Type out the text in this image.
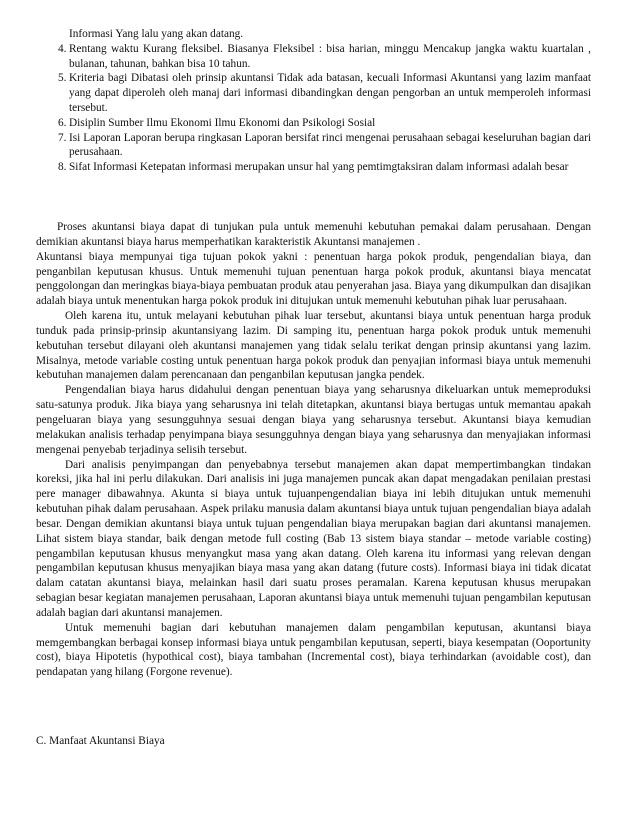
Informasi Yang lalu yang akan datang.
4. Rentang waktu Kurang fleksibel. Biasanya Fleksibel : bisa harian, minggu Mencakup jangka waktu kuartalan , bulanan, tahunan, bahkan bisa 10 tahun.
5. Kriteria bagi Dibatasi oleh prinsip akuntansi Tidak ada batasan, kecuali Informasi Akuntansi yang lazim manfaat yang dapat diperoleh oleh manaj dari informasi dibandingkan dengan pengorban an untuk memperoleh informasi tersebut.
6. Disiplin Sumber Ilmu Ekonomi Ilmu Ekonomi dan Psikologi Sosial
7. Isi Laporan Laporan berupa ringkasan Laporan bersifat rinci mengenai perusahaan sebagai keseluruhan bagian dari perusahaan.
8. Sifat Informasi Ketepatan informasi merupakan unsur hal yang pemtimgtaksiran dalam informasi adalah besar

Proses akuntansi biaya dapat di tunjukan pula untuk memenuhi kebutuhan pemakai dalam perusahaan. Dengan demikian akuntansi biaya harus memperhatikan karakteristik Akuntansi manajemen .

Akuntansi biaya mempunyai tiga tujuan pokok yakni : penentuan harga pokok produk, pengendalian biaya, dan penganbilan keputusan khusus. Untuk memenuhi tujuan penentuan harga pokok produk, akuntansi biaya mencatat penggolongan dan meringkas biaya-biaya pembuatan produk atau penyerahan jasa. Biaya yang dikumpulkan dan disajikan adalah biaya untuk menentukan harga pokok produk ini ditujukan untuk memenuhi kebutuhan pihak luar perusahaan.

Oleh karena itu, untuk melayani kebutuhan pihak luar tersebut, akuntansi biaya untuk penentuan harga produk tunduk pada prinsip-prinsip akuntansiyang lazim. Di samping itu, penentuan harga pokok produk untuk memenuhi kebutuhan tersebut dilayani oleh akuntansi manajemen yang tidak selalu terikat dengan prinsip akuntansi yang lazim. Misalnya, metode variable costing untuk penentuan harga pokok produk dan penyajian informasi biaya untuk memenuhi kebutuhan manajemen dalam perencanaan dan penganbilan keputusan jangka pendek.

Pengendalian biaya harus didahului dengan penentuan biaya yang seharusnya dikeluarkan untuk memeproduksi satu-satunya produk. Jika biaya yang seharusnya ini telah ditetapkan, akuntansi biaya bertugas untuk memantau apakah pengeluaran biaya yang sesungguhnya sesuai dengan biaya yang seharusnya tersebut. Akuntansi biaya kemudian melakukan analisis terhadap penyimpana biaya sesungguhnya dengan biaya yang seharusnya dan menyajiakan informasi mengenai penyebab terjadinya selisih tersebut.

Dari analisis penyimpangan dan penyebabnya tersebut manajemen akan dapat mempertimbangkan tindakan koreksi, jika hal ini perlu dilakukan. Dari analisis ini juga manajemen puncak akan dapat mengadakan penilaian prestasi pere manager dibawahnya. Akunta si biaya untuk tujuanpengendalian biaya ini lebih ditujukan untuk memenuhi kebutuhan pihak dalam perusahaan. Aspek prilaku manusia dalam akuntansi biaya untuk tujuan pengendalian biaya adalah besar. Dengan demikian akuntansi biaya untuk tujuan pengendalian biaya merupakan bagian dari akuntansi manajemen. Lihat sistem biaya standar, baik dengan metode full costing (Bab 13 sistem biaya standar – metode variable costing) pengambilan keputusan khusus menyangkut masa yang akan datang. Oleh karena itu informasi yang relevan dengan pengambilan keputusan khusus menyajikan biaya masa yang akan datang (future costs). Informasi biaya ini tidak dicatat dalam catatan akuntansi biaya, melainkan hasil dari suatu proses peramalan. Karena keputusan khusus merupakan sebagian besar kegiatan manajemen perusahaan, Laporan akuntansi biaya untuk memenuhi tujuan pengambilan keputusan adalah bagian dari akuntansi manajemen.

Untuk memenuhi bagian dari kebutuhan manajemen dalam pengambilan keputusan, akuntansi biaya memgembangkan berbagai konsep informasi biaya untuk pengambilan keputusan, seperti, biaya kesempatan (Ooportunity cost), biaya Hipotetis (hypothical cost), biaya tambahan (Incremental cost), biaya terhindarkan (avoidable cost), dan pendapatan yang hilang (Forgone revenue).

C. Manfaat Akuntansi Biaya
